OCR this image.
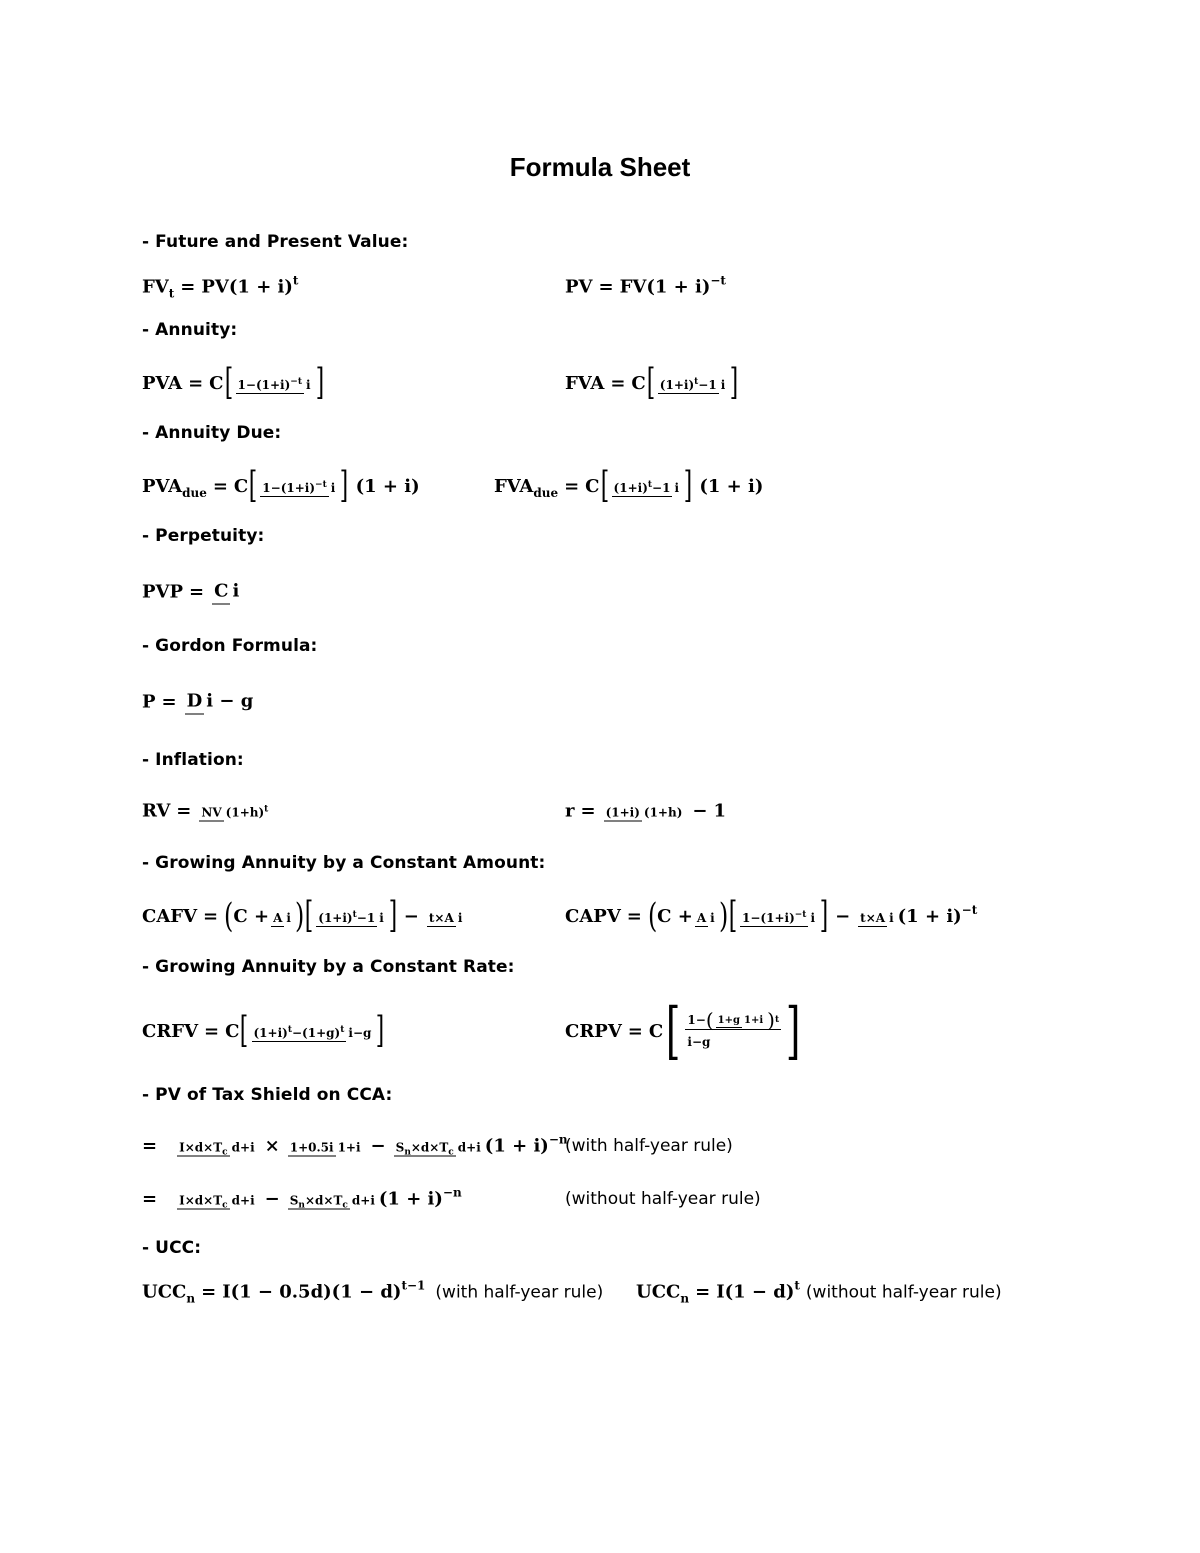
Formula Sheet
- Future and Present Value:
$FV_t = PV(1 + i)^t$	PV = $FV(1 + i)^{-t}$
- Annuity:
PVA = C [ $1-(1+i)^{-t}$ i ]	FVA = C [ $(1+i)^t-1$ i ]
- Annuity Due:
$PVA_{due} = C$ [ $1-(1+i)^{-t}$ i ] (1 + i)	$FVA_{due} = C$ [ $(1+i)^t-1$ i ] (1 + i)
- Perpetuity:
PVP = C i
- Gordon Formula:
P = D i − g
- Inflation:
RV = NV $(1+h)^t$	r = (1+i) (1+h) − 1
- Growing Annuity by a Constant Amount:
CAFV = ( C + A i ) [ $(1+i)^t-1$ i ] − t×A i	CAPV = ( C + A i ) [ $1-(1+i)^{-t}$ i ] − t×A i $(1 + i)^{-t}$
- Growing Annuity by a Constant Rate:
CRFV = C [ $(1+i)^t-(1+g)^t$ i−g ]	CRPV = C [ $\frac{1- ( 1+g 1+i ) t}{i-g}$ ]
- PV of Tax Shield on CCA:
= $I\times d\times T_c$ d+i × 1+0.5i $1+i - S_n\times d\times T_c$ d+i $(1 + i)^{-n}$
(with half-year rule)
= $I\times d\times T_c$ $d+i - S_n\times d\times T_c$ d+i $(1 + i)^{-n}$	(without half-year rule)
- UCC:
$UCC_n = I(1 - 0.5d)(1 - d)^{t-1}$ (with half-year rule) $UCC_n = I(1 - d)^t$ (without half-year rule)
